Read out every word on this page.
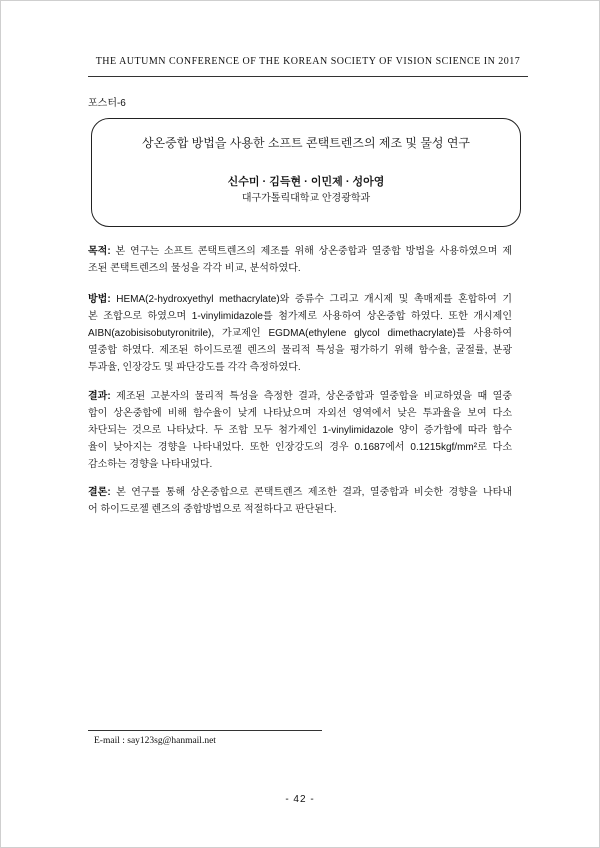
THE AUTUMN CONFERENCE OF THE KOREAN SOCIETY OF VISION SCIENCE IN 2017
포스터-6
상온중합 방법을 사용한 소프트 콘택트렌즈의 제조 및 물성 연구
신수미 · 김득현 · 이민제 · 성아영
대구가톨릭대학교 안경광학과
목적: 본 연구는 소프트 콘택트렌즈의 제조를 위해 상온중합과 열중합 방법을 사용하였으며 제
조된 콘택트렌즈의 물성을 각각 비교, 분석하였다.
방법: HEMA(2-hydroxyethyl methacrylate)와 증류수 그리고 개시제 및 촉매제를 혼합하여 기
본 조합으로 하였으며 1-vinylimidazole를 첨가제로 사용하여 상온중합 하였다. 또한 개시제인
AIBN(azobisisobutyronitrile), 가교제인 EGDMA(ethylene glycol dimethacrylate)를 사용하여
열중합 하였다. 제조된 하이드로젤 렌즈의 물리적 특성을 평가하기 위해 함수율, 굴절률, 분광
투과율, 인장강도 및 파단강도를 각각 측정하였다.
결과: 제조된 고분자의 물리적 특성을 측정한 결과, 상온중합과 열중합을 비교하였을 때 열중
합이 상온중합에 비해 함수율이 낮게 나타났으며 자외선 영역에서 낮은 투과율을 보여 다소
차단되는 것으로 나타났다. 두 조합 모두 첨가제인 1-vinylimidazole 양이 증가함에 따라 함수
율이 낮아지는 경향을 나타내었다. 또한 인장강도의 경우 0.1687에서 0.1215kgf/mm²로 다소
감소하는 경향을 나타내었다.
결론: 본 연구를 통해 상온중합으로 콘택트렌즈 제조한 결과, 열중합과 비슷한 경향을 나타내
어 하이드로젤 렌즈의 중합방법으로 적절하다고 판단된다.
E-mail : say123sg@hanmail.net
- 42 -
